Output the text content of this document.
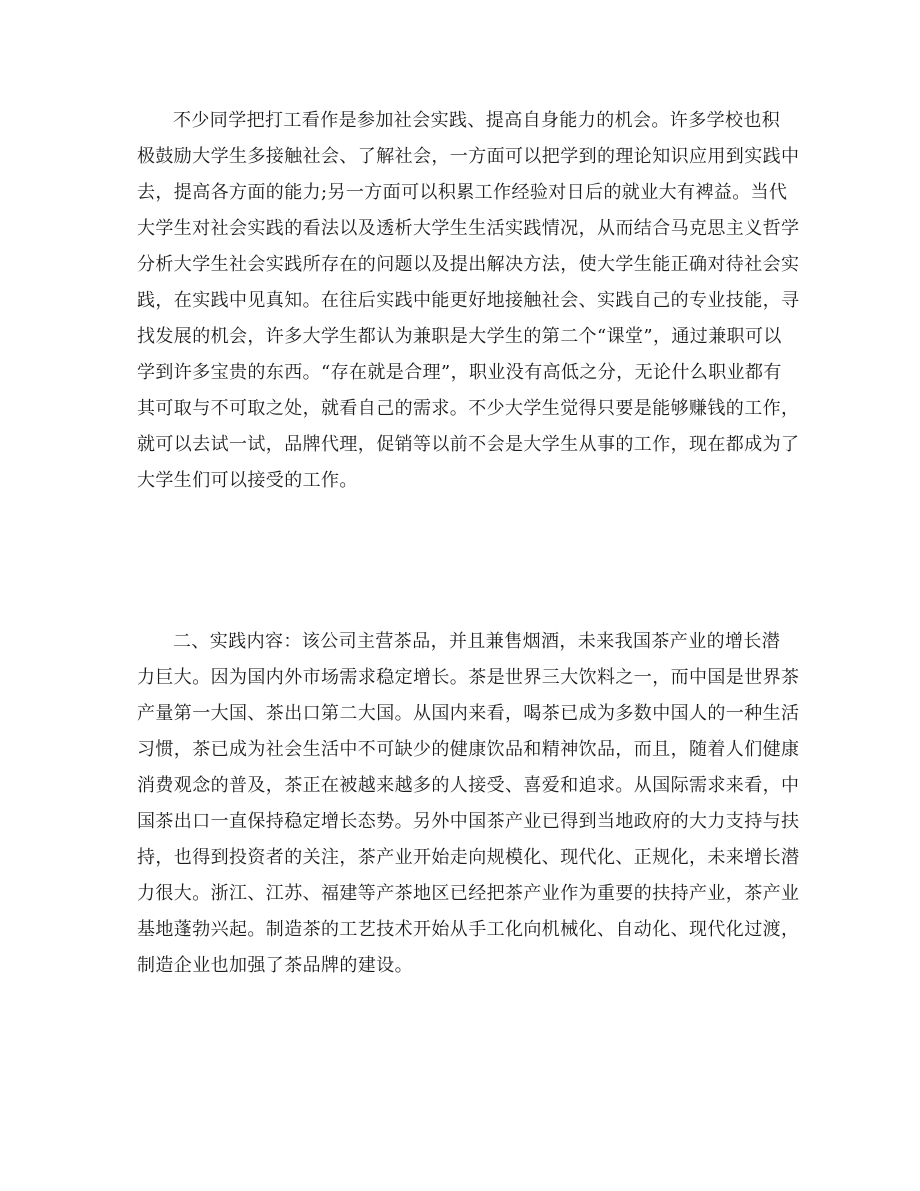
不少同学把打工看作是参加社会实践、提高自身能力的机会。许多学校也积
极鼓励大学生多接触社会、了解社会，一方面可以把学到的理论知识应用到实践中
去，提高各方面的能力;另一方面可以积累工作经验对日后的就业大有裨益。当代
大学生对社会实践的看法以及透析大学生生活实践情况，从而结合马克思主义哲学
分析大学生社会实践所存在的问题以及提出解决方法，使大学生能正确对待社会实
践，在实践中见真知。在往后实践中能更好地接触社会、实践自己的专业技能，寻
找发展的机会，许多大学生都认为兼职是大学生的第二个“课堂”，通过兼职可以
学到许多宝贵的东西。“存在就是合理”，职业没有高低之分，无论什么职业都有
其可取与不可取之处，就看自己的需求。不少大学生觉得只要是能够赚钱的工作，
就可以去试一试，品牌代理，促销等以前不会是大学生从事的工作，现在都成为了
大学生们可以接受的工作。
二、实践内容：该公司主营茶品，并且兼售烟酒，未来我国茶产业的增长潜
力巨大。因为国内外市场需求稳定增长。茶是世界三大饮料之一，而中国是世界茶
产量第一大国、茶出口第二大国。从国内来看，喝茶已成为多数中国人的一种生活
习惯，茶已成为社会生活中不可缺少的健康饮品和精神饮品，而且，随着人们健康
消费观念的普及，茶正在被越来越多的人接受、喜爱和追求。从国际需求来看，中
国茶出口一直保持稳定增长态势。另外中国茶产业已得到当地政府的大力支持与扶
持，也得到投资者的关注，茶产业开始走向规模化、现代化、正规化，未来增长潜
力很大。浙江、江苏、福建等产茶地区已经把茶产业作为重要的扶持产业，茶产业
基地蓬勃兴起。制造茶的工艺技术开始从手工化向机械化、自动化、现代化过渡，
制造企业也加强了茶品牌的建设。
